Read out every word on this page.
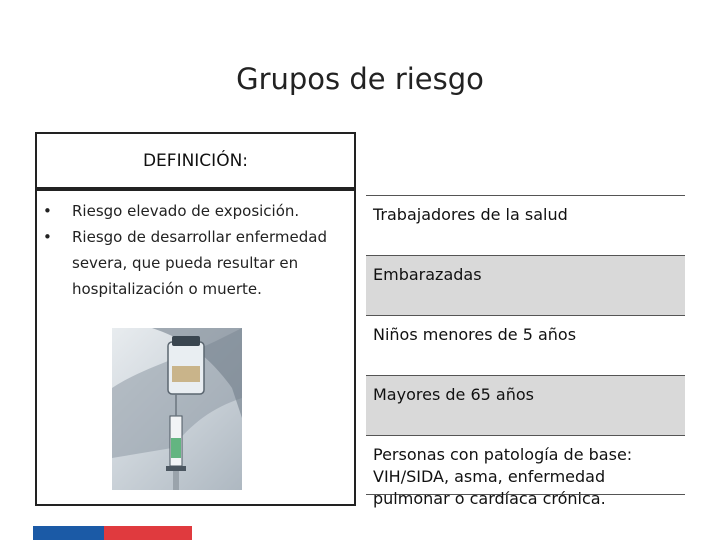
Grupos de riesgo
DEFINICIÓN:
• Riesgo elevado de exposición.
• Riesgo de desarrollar enfermedad severa, que pueda resultar en hospitalización o muerte.
Trabajadores de la salud
Embarazadas
Niños menores de 5 años
Mayores de 65 años
Personas con patología de base: VIH/SIDA, asma, enfermedad pulmonar o cardíaca crónica.
